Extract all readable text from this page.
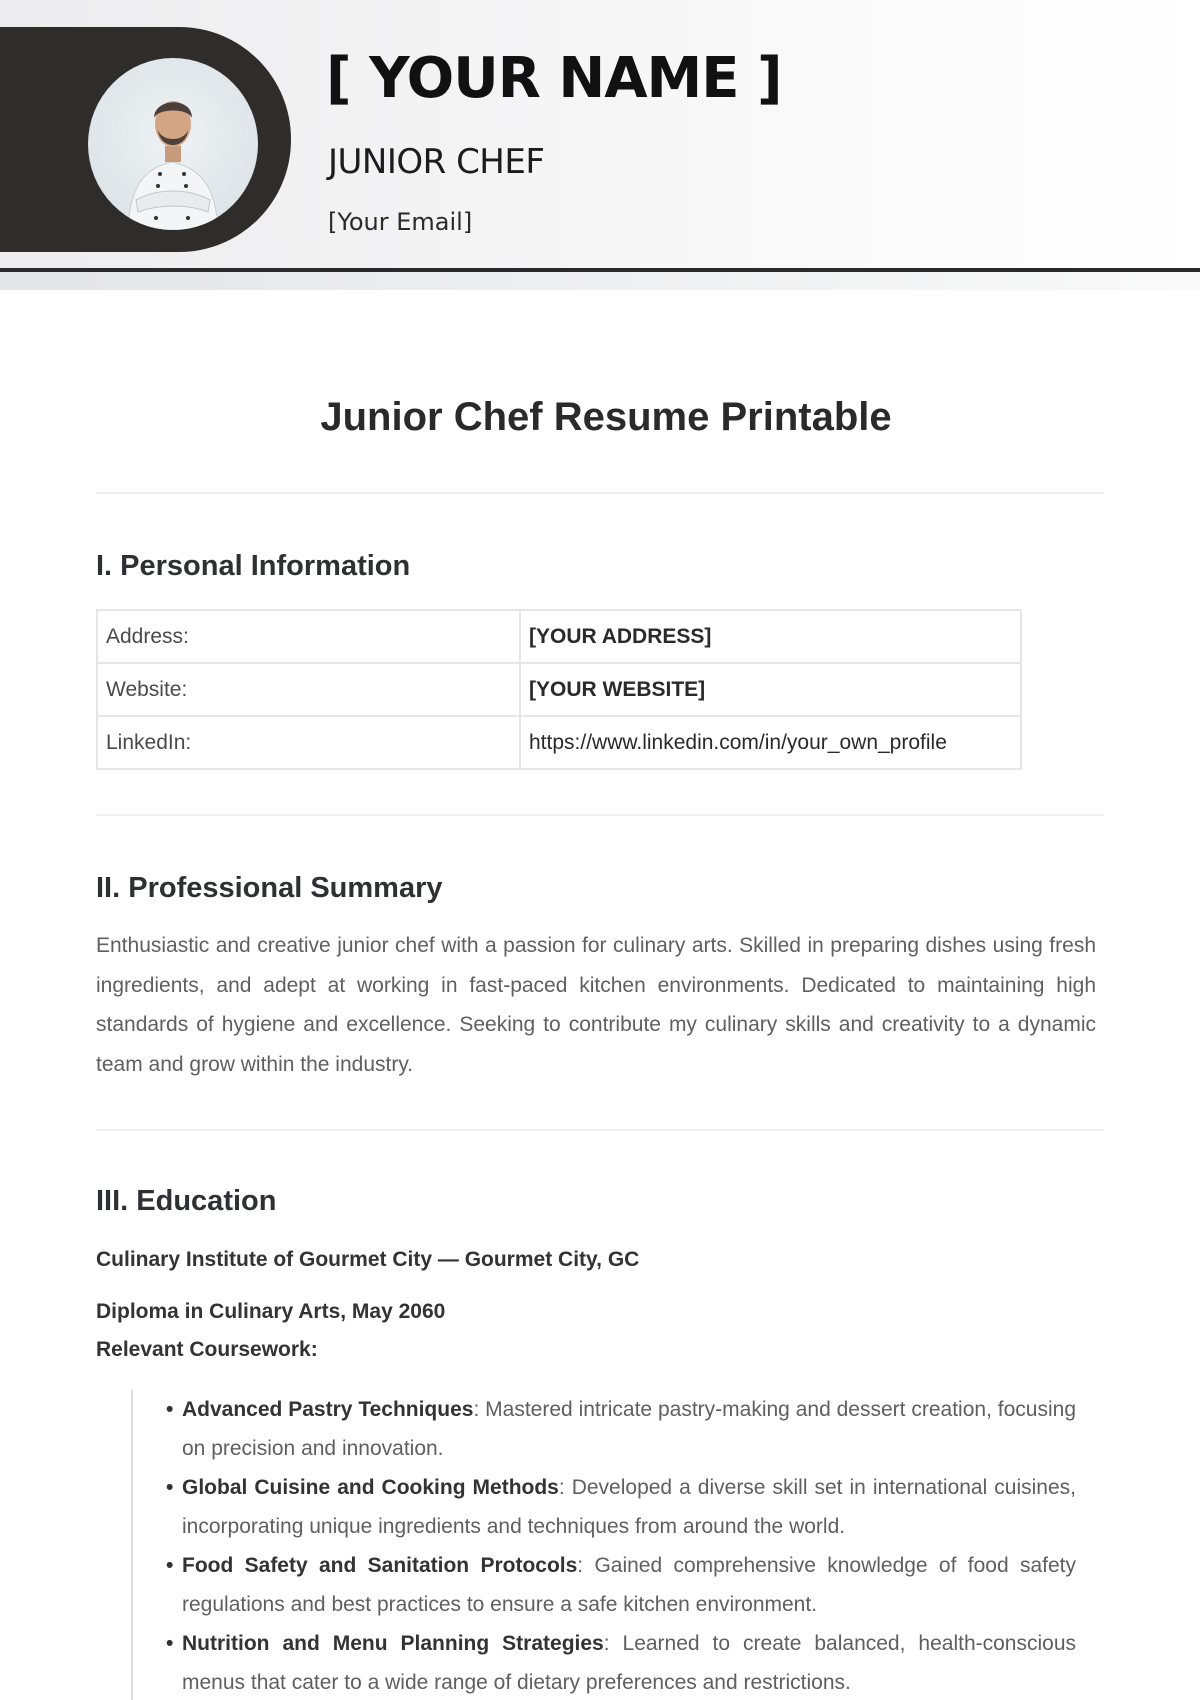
[ YOUR NAME ]
JUNIOR CHEF
[Your Email]
Junior Chef Resume Printable
I. Personal Information
Address:	[YOUR ADDRESS]
Website:	[YOUR WEBSITE]
LinkedIn:	https://www.linkedin.com/in/your_own_profile
II. Professional Summary

Enthusiastic and creative junior chef with a passion for culinary arts. Skilled in preparing dishes using fresh ingredients, and adept at working in fast-paced kitchen environments. Dedicated to maintaining high standards of hygiene and excellence. Seeking to contribute my culinary skills and creativity to a dynamic team and grow within the industry.

III. Education
Culinary Institute of Gourmet City — Gourmet City, GC
Diploma in Culinary Arts, May 2060
Relevant Coursework:
• Advanced Pastry Techniques: Mastered intricate pastry-making and dessert creation, focusing on precision and innovation.
• Global Cuisine and Cooking Methods: Developed a diverse skill set in international cuisines, incorporating unique ingredients and techniques from around the world.
• Food Safety and Sanitation Protocols: Gained comprehensive knowledge of food safety regulations and best practices to ensure a safe kitchen environment.
• Nutrition and Menu Planning Strategies: Learned to create balanced, health-conscious menus that cater to a wide range of dietary preferences and restrictions.
